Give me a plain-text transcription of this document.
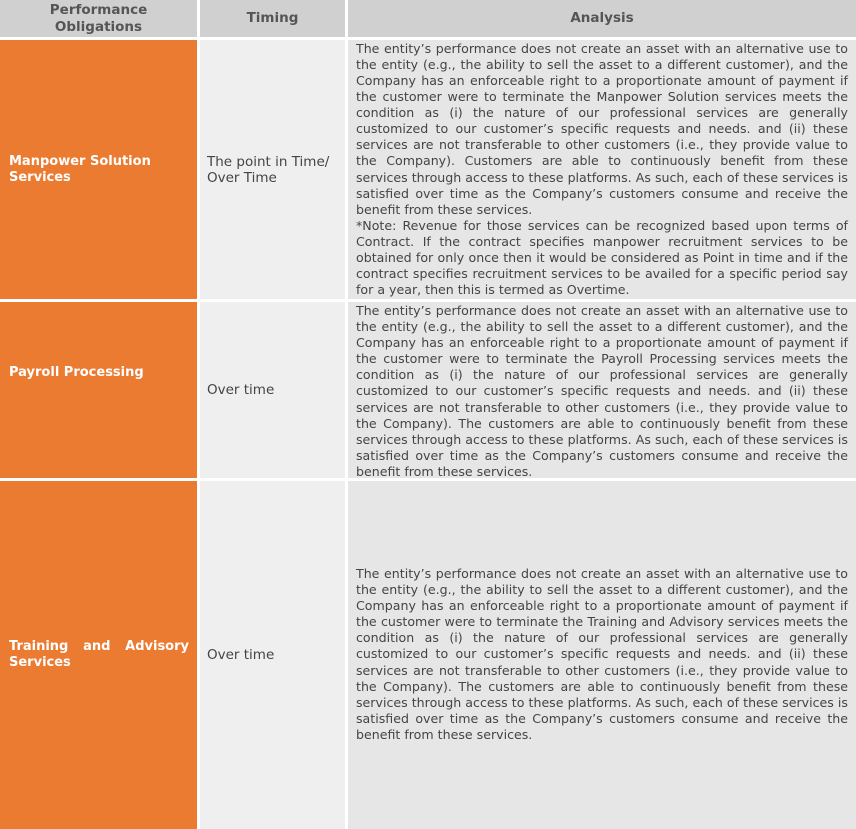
Performance Obligations
Timing	Analysis
Manpower Solution Services
The point in Time/ Over Time

The entity’s performance does not create an asset with an alternative use to the entity (e.g., the ability to sell the asset to a different customer), and the Company has an enforceable right to a proportionate amount of payment if the customer were to terminate the Manpower Solution services meets the condition as (i) the nature of our professional services are generally customized to our customer’s specific requests and needs. and (ii) these services are not transferable to other customers (i.e., they provide value to the Company). Customers are able to continuously benefit from these services through access to these platforms. As such, each of these services is satisfied over time as the Company’s customers consume and receive the benefit from these services.

*Note: Revenue for those services can be recognized based upon terms of Contract. If the contract specifies manpower recruitment services to be obtained for only once then it would be considered as Point in time and if the contract specifies recruitment services to be availed for a specific period say for a year, then this is termed as Overtime.

Payroll Processing
Over time

The entity’s performance does not create an asset with an alternative use to the entity (e.g., the ability to sell the asset to a different customer), and the Company has an enforceable right to a proportionate amount of payment if the customer were to terminate the Payroll Processing services meets the condition as (i) the nature of our professional services are generally customized to our customer’s specific requests and needs. and (ii) these services are not transferable to other customers (i.e., they provide value to the Company). The customers are able to continuously benefit from these services through access to these platforms. As such, each of these services is satisfied over time as the Company’s customers consume and receive the benefit from these services.

Training and Advisory Services	Over time

The entity’s performance does not create an asset with an alternative use to the entity (e.g., the ability to sell the asset to a different customer), and the Company has an enforceable right to a proportionate amount of payment if the customer were to terminate the Training and Advisory services meets the condition as (i) the nature of our professional services are generally customized to our customer’s specific requests and needs. and (ii) these services are not transferable to other customers (i.e., they provide value to the Company). The customers are able to continuously benefit from these services through access to these platforms. As such, each of these services is satisfied over time as the Company’s customers consume and receive the benefit from these services.
